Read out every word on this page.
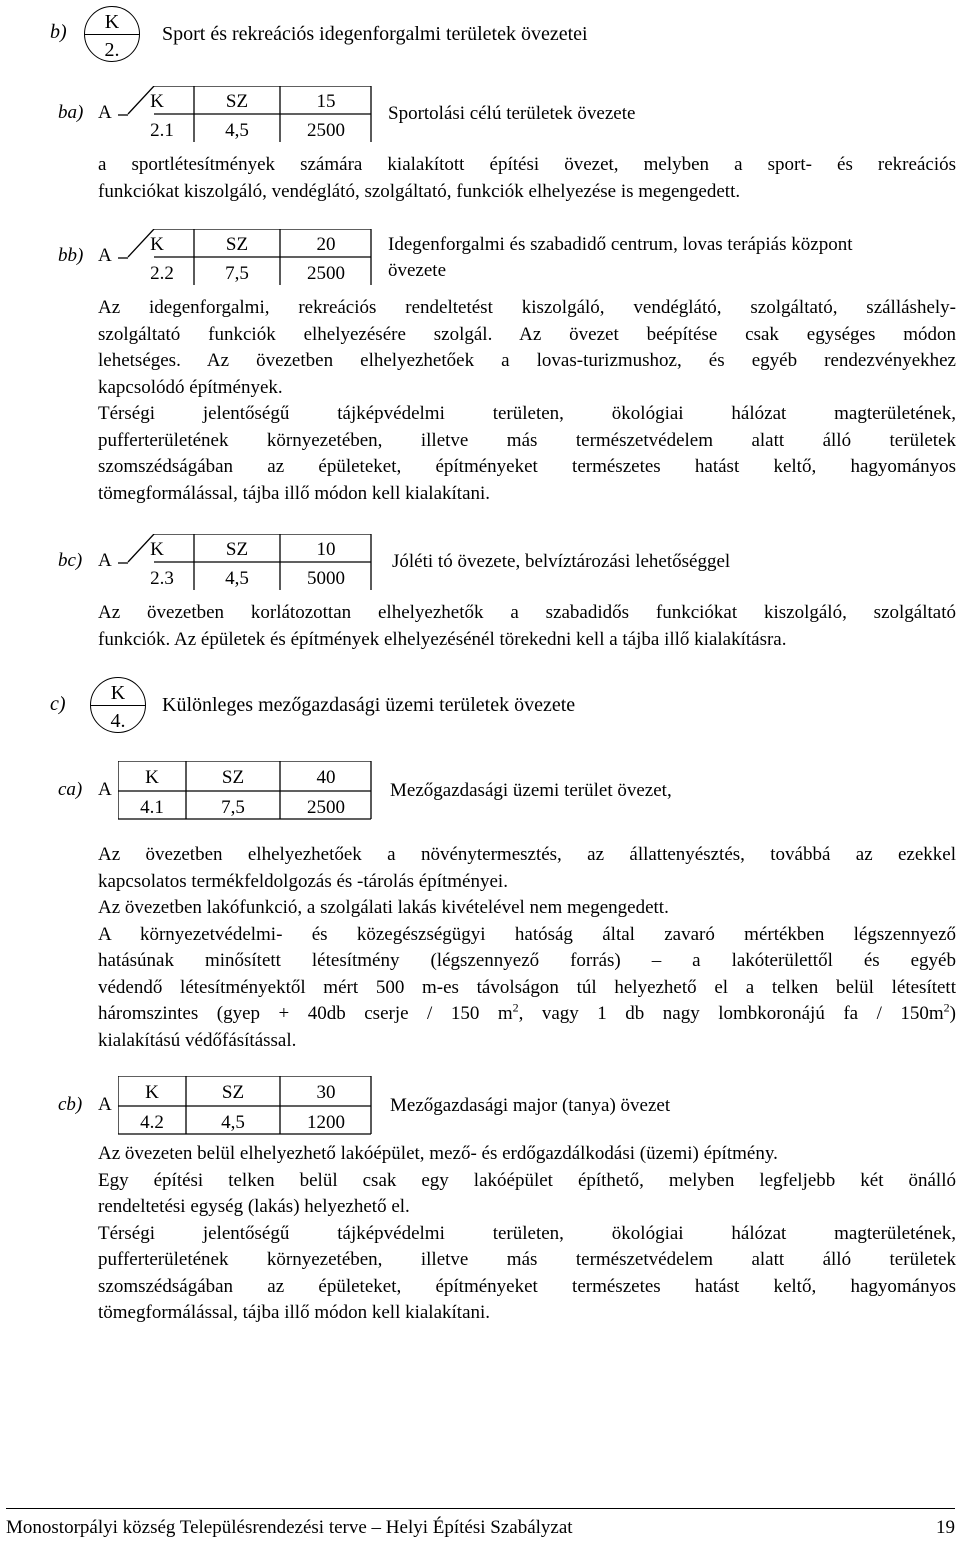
b)	K
2.
Sport és rekreációs idegenforgalmi területek övezetei
ba) A
K	SZ	15
2.1	4,5	2500
Sportolási célú területek övezete
a sportlétesítmények számára kialakított építési övezet, melyben a sport- és rekreációs
funkciókat kiszolgáló, vendéglátó, szolgáltató, funkciók elhelyezése is megengedett.
bb) A
K	SZ	20
2.2	7,5	2500
Idegenforgalmi és szabadidő centrum, lovas terápiás központ
övezete
Az idegenforgalmi, rekreációs rendeltetést kiszolgáló, vendéglátó, szolgáltató, szálláshely-
szolgáltató funkciók elhelyezésére szolgál. Az övezet beépítése csak egységes módon
lehetséges. Az övezetben elhelyezhetőek a lovas-turizmushoz, és egyéb rendezvényekhez
kapcsolódó építmények.
Térségi jelentőségű tájképvédelmi területen, ökológiai hálózat magterületének,
pufferterületének környezetében, illetve más természetvédelem alatt álló területek
szomszédságában az épületeket, építményeket természetes hatást keltő, hagyományos
tömegformálással, tájba illő módon kell kialakítani.
bc) A
K	SZ	10
2.3	4,5	5000
Jóléti tó övezete, belvíztározási lehetőséggel
Az övezetben korlátozottan elhelyezhetők a szabadidős funkciókat kiszolgáló, szolgáltató
funkciók. Az épületek és építmények elhelyezésénél törekedni kell a tájba illő kialakításra.
c)	K
4.
Különleges mezőgazdasági üzemi területek övezete
ca) A
K	SZ	40
4.1	7,5	2500
Mezőgazdasági üzemi terület övezet,
Az övezetben elhelyezhetőek a növénytermesztés, az állattenyésztés, továbbá az ezekkel
kapcsolatos termékfeldolgozás és -tárolás építményei.
Az övezetben lakófunkció, a szolgálati lakás kivételével nem megengedett.
A környezetvédelmi- és közegészségügyi hatóság által zavaró mértékben légszennyező
hatásúnak minősített létesítmény (légszennyező forrás) – a lakóterülettől és egyéb
védendő létesítményektől mért 500 m-es távolságon túl helyezhető el a telken belül létesített
háromszintes (gyep + 40db cserje / 150 $m^2$, vagy 1 db nagy lombkoronájú fa / $150m^2$)
kialakítású védőfásítással.
cb) A
K	SZ	30
4.2	4,5	1200
Mezőgazdasági major (tanya) övezet
Az övezeten belül elhelyezhető lakóépület, mező- és erdőgazdálkodási (üzemi) építmény.
Egy építési telken belül csak egy lakóépület építhető, melyben legfeljebb két önálló
rendeltetési egység (lakás) helyezhető el.
Térségi jelentőségű tájképvédelmi területen, ökológiai hálózat magterületének,
pufferterületének környezetében, illetve más természetvédelem alatt álló területek
szomszédságában az épületeket, építményeket természetes hatást keltő, hagyományos
tömegformálással, tájba illő módon kell kialakítani.
Monostorpályi község Településrendezési terve – Helyi Építési Szabályzat	19
